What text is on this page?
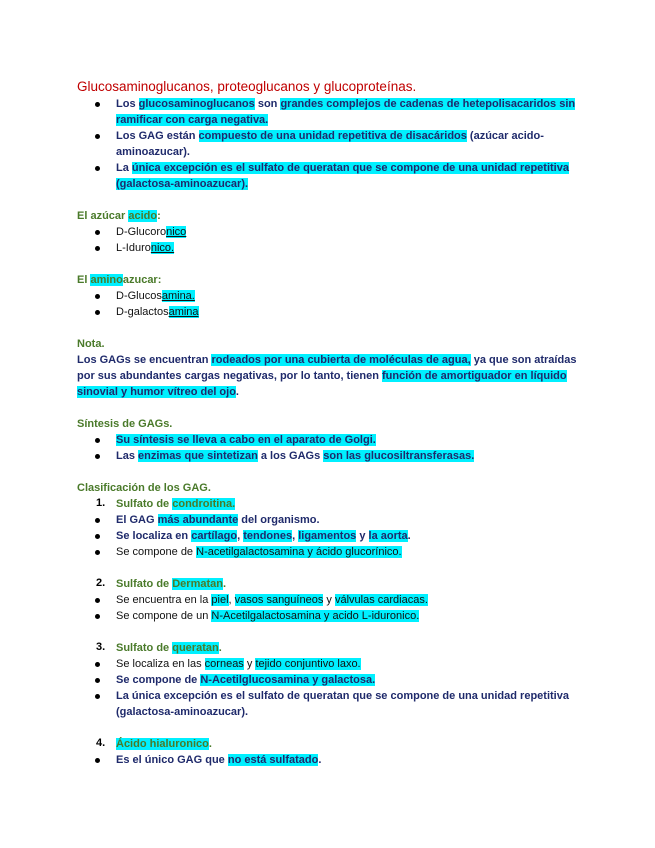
Glucosaminoglucanos, proteoglucanos y glucoproteínas.
Los glucosaminoglucanos son grandes complejos de cadenas de hetepolisacaridos sin
ramificar con carga negativa.
Los GAG están compuesto de una unidad repetitiva de disacáridos (azúcar acido-
aminoazucar).
La única excepción es el sulfato de queratan que se compone de una unidad repetitiva
(galactosa-aminoazucar).
El azúcar acido:
D-Glucoronico
L-Iduronico.
El aminoazucar:
D-Glucosamina.
D-galactosamina
Nota.
Los GAGs se encuentran rodeados por una cubierta de moléculas de agua, ya que son atraídas
por sus abundantes cargas negativas, por lo tanto, tienen función de amortiguador en líquido
sinovial y humor vítreo del ojo.
Síntesis de GAGs.
Su síntesis se lleva a cabo en el aparato de Golgi.
Las enzimas que sintetizan a los GAGs son las glucosiltransferasas.
Clasificación de los GAG.
1. Sulfato de condroitina.
El GAG más abundante del organismo.
Se localiza en cartílago, tendones, ligamentos y la aorta.
Se compone de N-acetilgalactosamina y ácido glucorínico.
2. Sulfato de Dermatan.
Se encuentra en la piel, vasos sanguíneos y válvulas cardiacas.
Se compone de un N-Acetilgalactosamina y acido L-iduronico.
3. Sulfato de queratan.
Se localiza en las corneas y tejido conjuntivo laxo.
Se compone de N-Acetilglucosamina y galactosa.
La única excepción es el sulfato de queratan que se compone de una unidad repetitiva
(galactosa-aminoazucar).
4. Ácido hialuronico.
Es el único GAG que no está sulfatado.
